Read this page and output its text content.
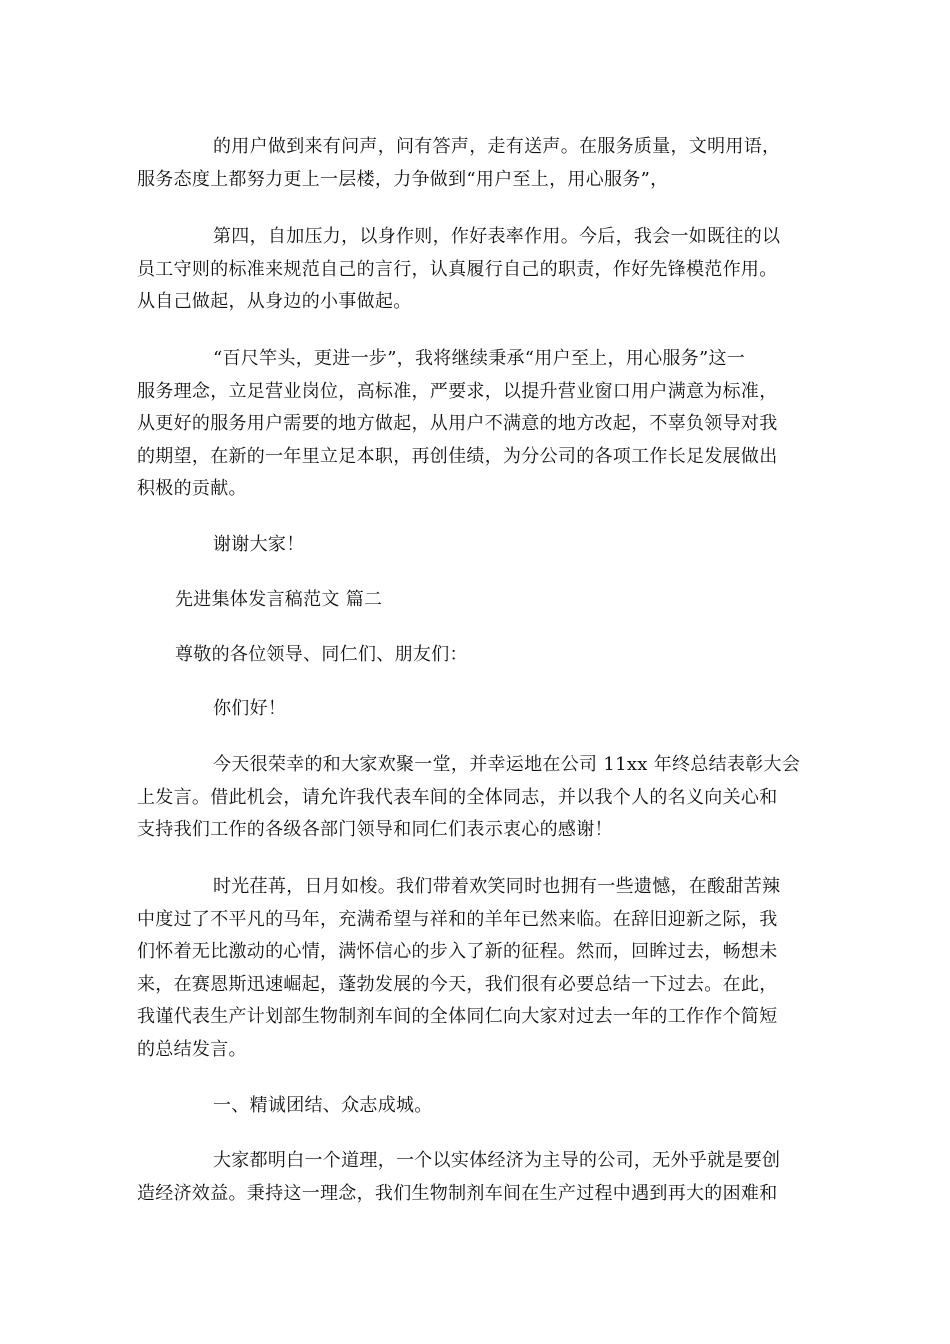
的用户做到来有问声，问有答声，走有送声。在服务质量，文明用语，
服务态度上都努力更上一层楼，力争做到“用户至上，用心服务”，
第四，自加压力，以身作则，作好表率作用。今后，我会一如既往的以
员工守则的标准来规范自己的言行，认真履行自己的职责，作好先锋模范作用。
从自己做起，从身边的小事做起。
“百尺竿头，更进一步”，我将继续秉承“用户至上，用心服务”这一
服务理念，立足营业岗位，高标准，严要求，以提升营业窗口用户满意为标准，
从更好的服务用户需要的地方做起，从用户不满意的地方改起，不辜负领导对我
的期望，在新的一年里立足本职，再创佳绩，为分公司的各项工作长足发展做出
积极的贡献。

谢谢大家！

先进集体发言稿范文 篇二

尊敬的各位领导、同仁们、朋友们：

你们好！

今天很荣幸的和大家欢聚一堂，并幸运地在公司 11xx 年终总结表彰大会
上发言。借此机会，请允许我代表车间的全体同志，并以我个人的名义向关心和
支持我们工作的各级各部门领导和同仁们表示衷心的感谢！
时光荏苒，日月如梭。我们带着欢笑同时也拥有一些遗憾，在酸甜苦辣
中度过了不平凡的马年，充满希望与祥和的羊年已然来临。在辞旧迎新之际，我
们怀着无比激动的心情，满怀信心的步入了新的征程。然而，回眸过去，畅想未
来，在赛恩斯迅速崛起，蓬勃发展的今天，我们很有必要总结一下过去。在此，
我谨代表生产计划部生物制剂车间的全体同仁向大家对过去一年的工作作个简短
的总结发言。

一、精诚团结、众志成城。

大家都明白一个道理，一个以实体经济为主导的公司，无外乎就是要创
造经济效益。秉持这一理念，我们生物制剂车间在生产过程中遇到再大的困难和
